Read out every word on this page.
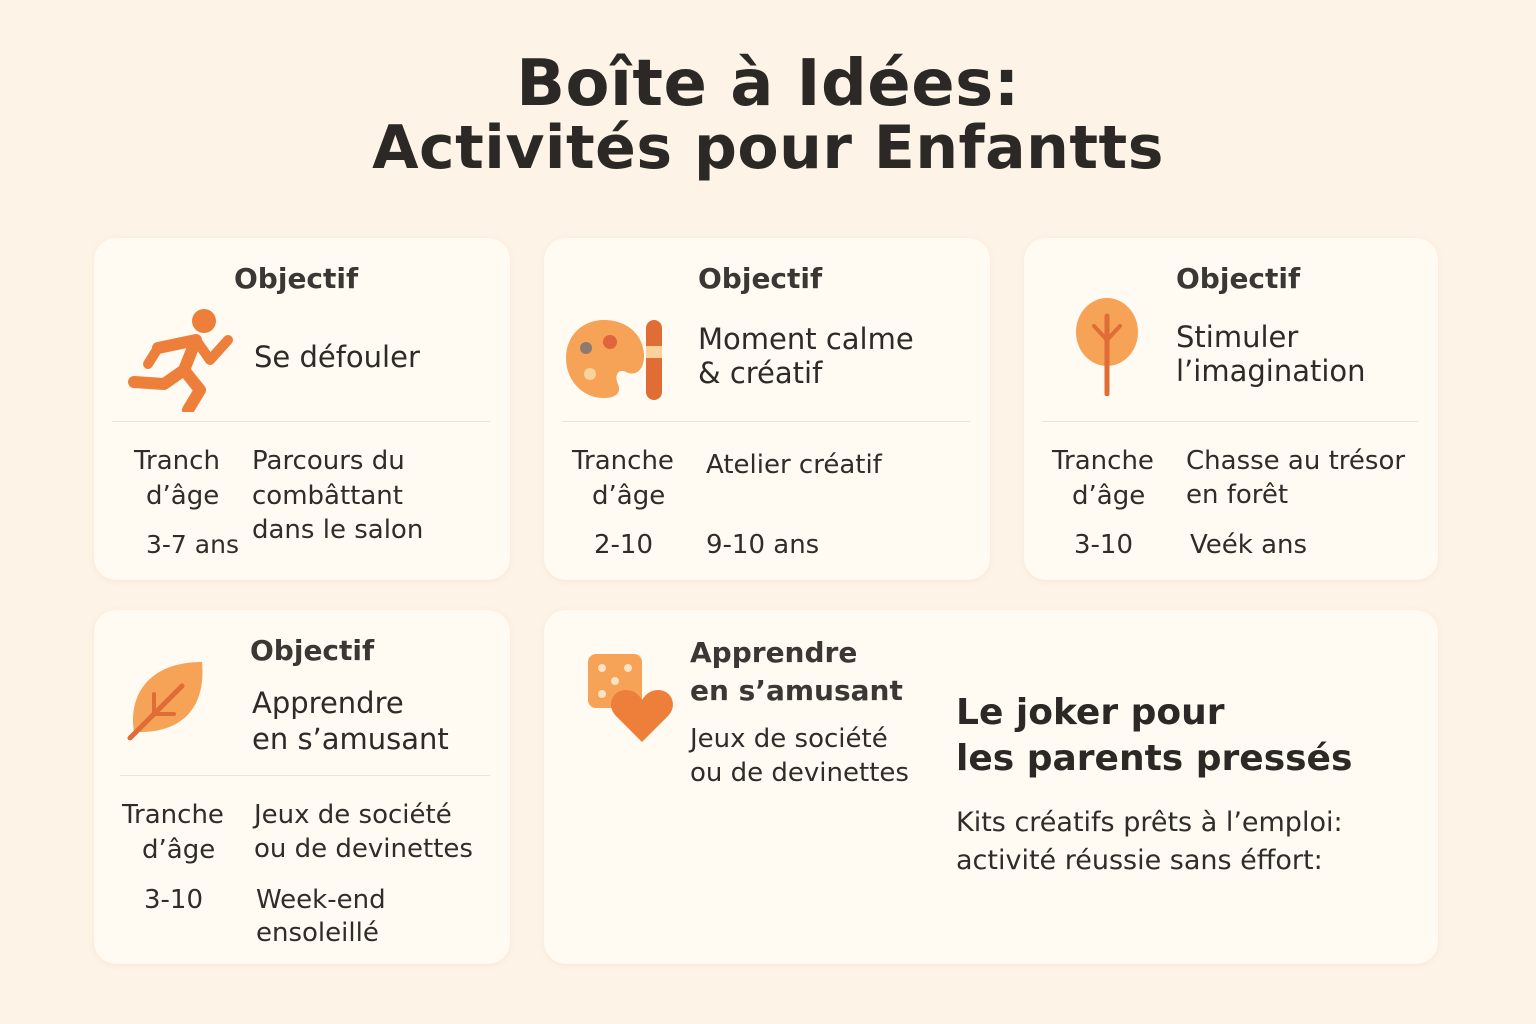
Boîte à Idées:
Activités pour Enfantts
Objectif
Se défouler
Tranch
d’âge
3-7 ans
Parcours du
combâttant
dans le salon
Objectif
Moment calme
& créatif
Tranche
d’âge
2-10
Atelier créatif
9-10 ans
Objectif
Stimuler
l’imagination
Tranche
d’âge
3-10
Chasse au trésor
en forêt
Veék ans
Objectif
Apprendre
en s’amusant
Tranche
d’âge
3-10
Jeux de société
ou de devinettes
Week-end
ensoleillé
Apprendre
en s’amusant
Jeux de société
ou de devinettes
Le joker pour
les parents pressés
Kits créatifs prêts à l’emploi:
activité réussie sans éffort:
